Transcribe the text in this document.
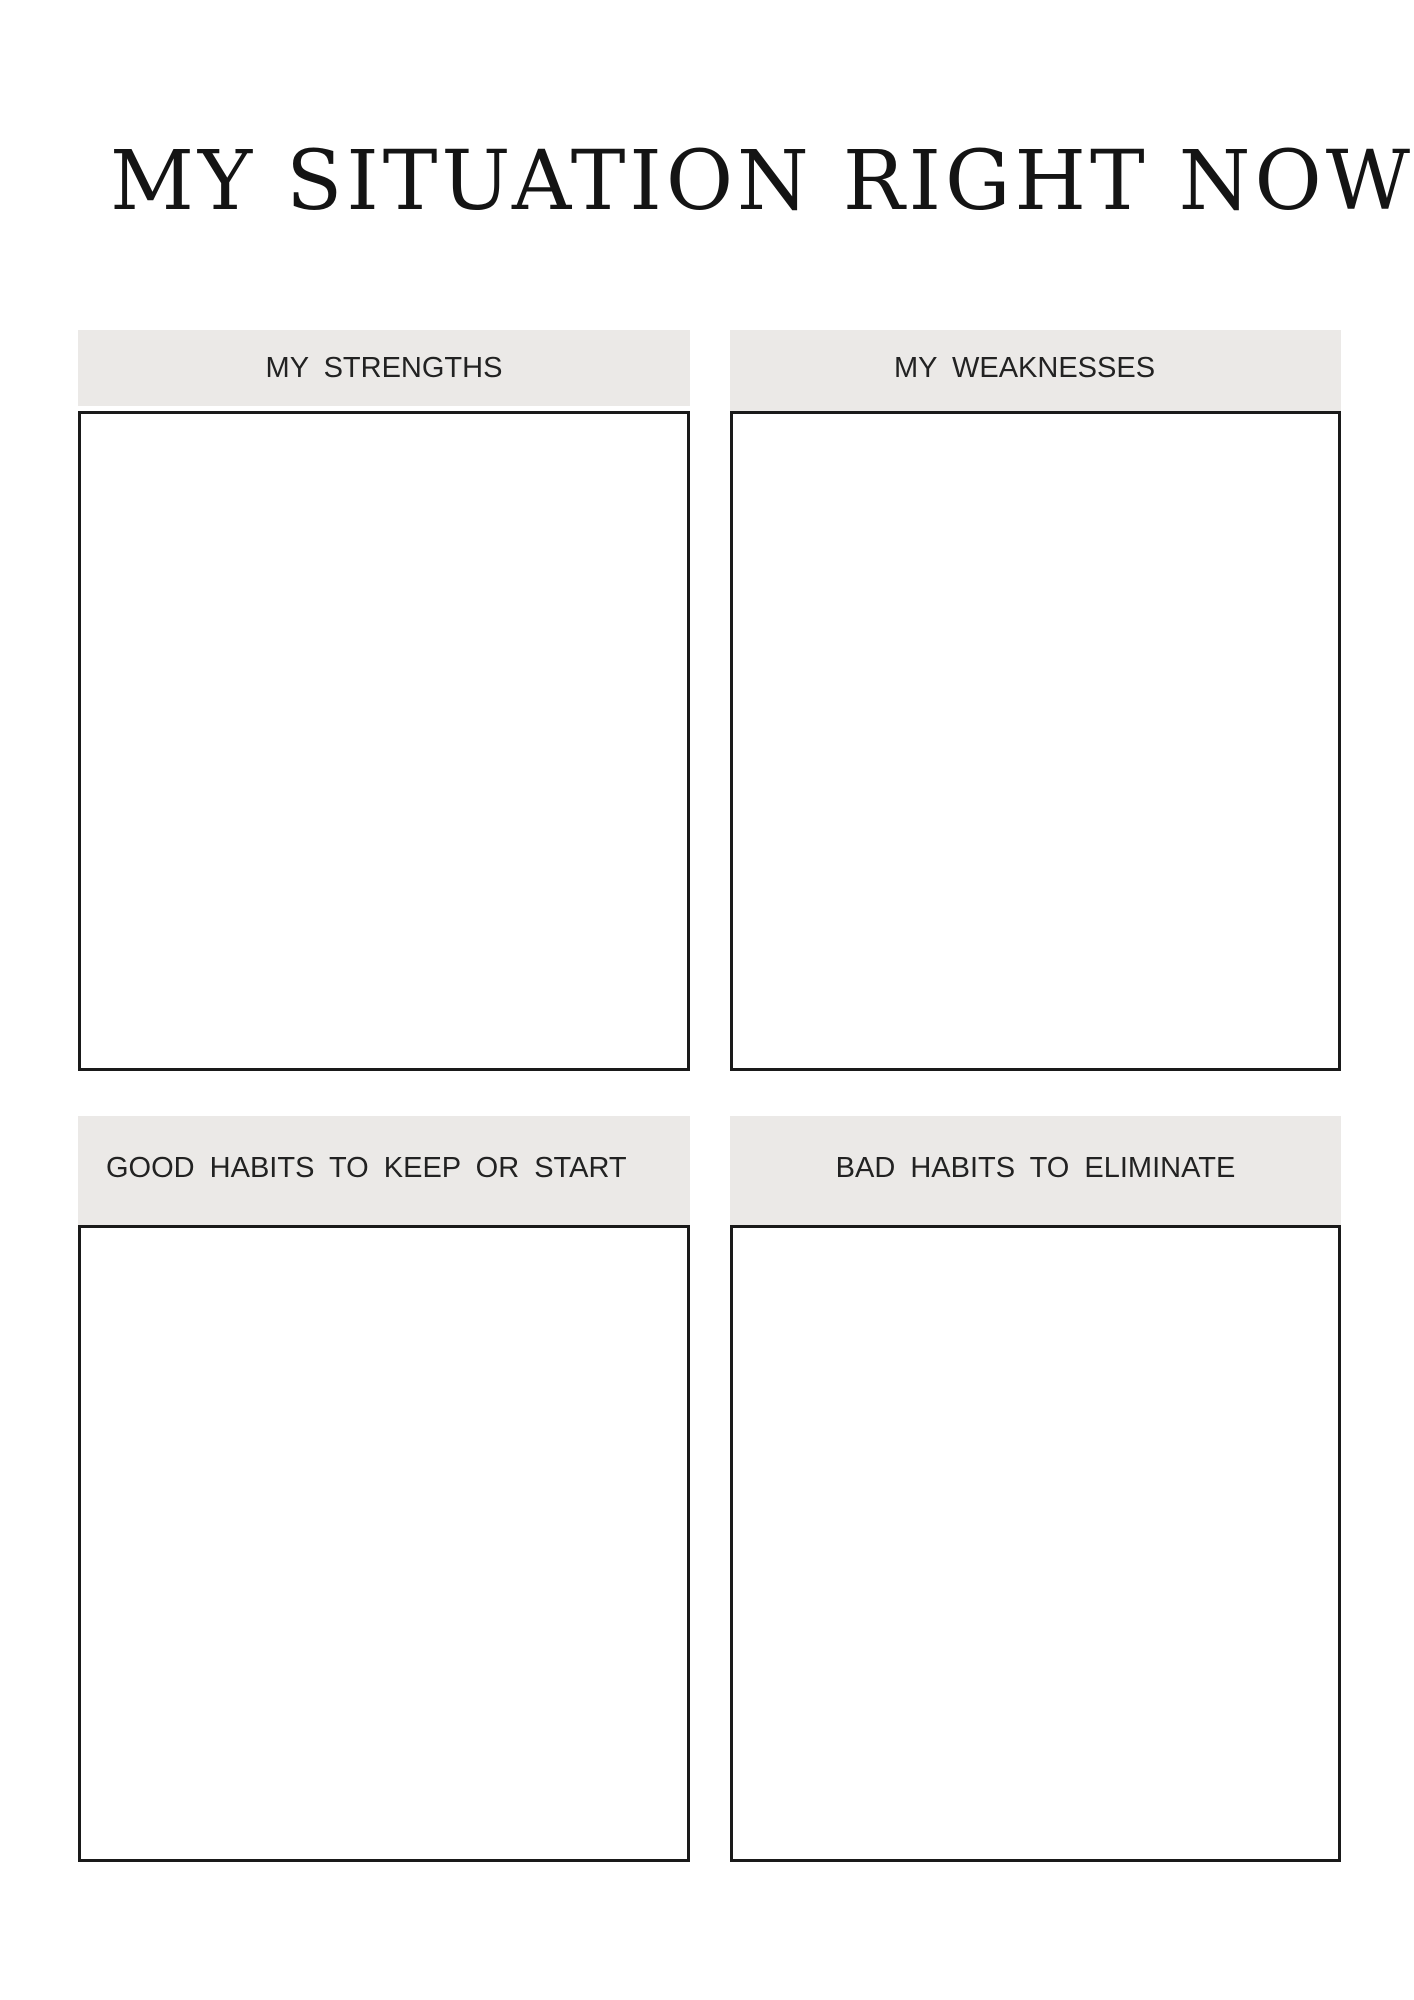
MY SITUATION RIGHT NOW
MY STRENGTHS	MY WEAKNESSES
GOOD HABITS TO KEEP OR START	BAD HABITS TO ELIMINATE
